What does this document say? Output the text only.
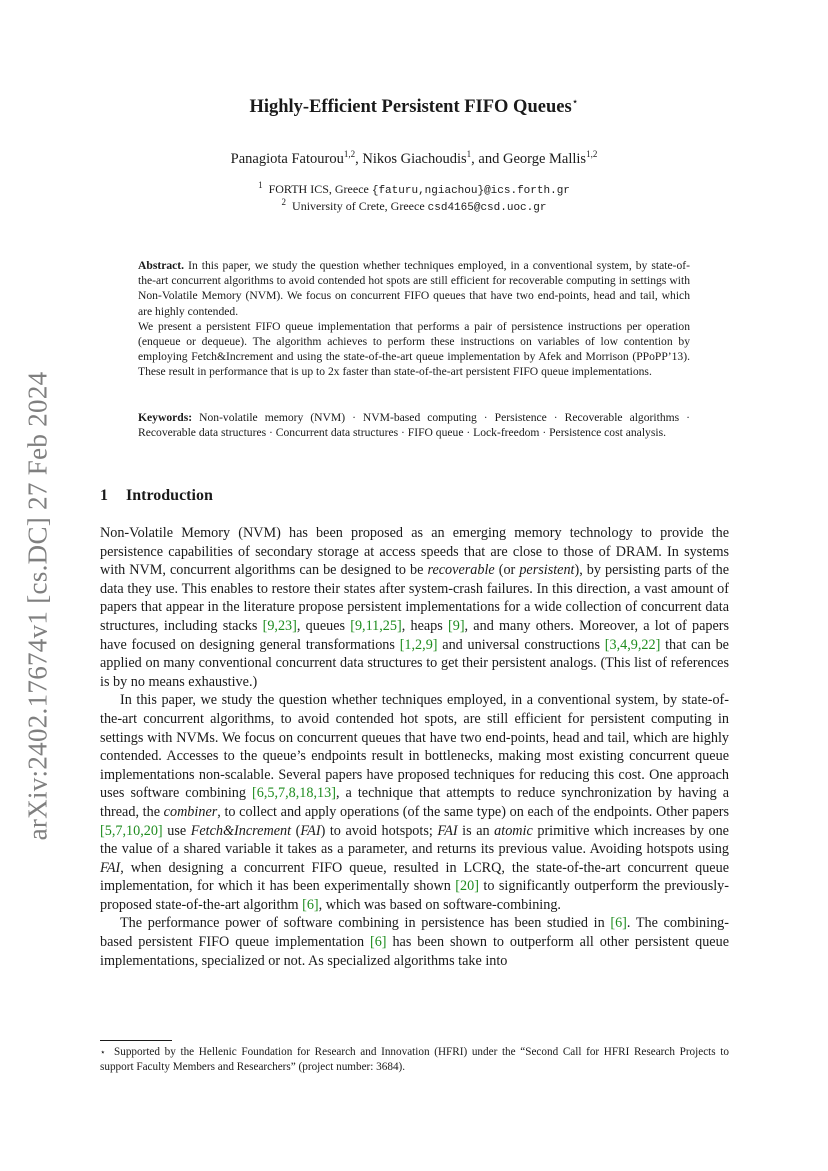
arXiv:2402.17674v1 [cs.DC] 27 Feb 2024
Highly-Efficient Persistent FIFO Queues⋆
Panagiota Fatourou$^{1,2}$, Nikos Giachoudis$^1$, and George Mallis$^{1,2}$
$^1$ FORTH ICS, Greece {faturu,ngiachou}@ics.forth.gr
$^2$ University of Crete, Greece csd4165@csd.uoc.gr

Abstract. In this paper, we study the question whether techniques employed, in a conventional system, by state-of-the-art concurrent algorithms to avoid contended hot spots are still efficient for recoverable computing in settings with Non-Volatile Memory (NVM). We focus on concurrent FIFO queues that have two end-points, head and tail, which are highly contended.

We present a persistent FIFO queue implementation that performs a pair of persistence instructions per operation (enqueue or dequeue). The algorithm achieves to perform these instructions on variables of low contention by employing Fetch&Increment and using the state-of-the-art queue implementation by Afek and Morrison (PPoPP’13). These result in performance that is up to 2x faster than state-of-the-art persistent FIFO queue implementations.

Keywords: Non-volatile memory (NVM) · NVM-based computing · Persistence · Recoverable algorithms · Recoverable data structures · Concurrent data structures · FIFO queue · Lock-freedom · Persistence cost analysis.

1 Introduction

Non-Volatile Memory (NVM) has been proposed as an emerging memory technology to provide the persistence capabilities of secondary storage at access speeds that are close to those of DRAM. In systems with NVM, concurrent algorithms can be designed to be recoverable (or persistent), by persisting parts of the data they use. This enables to restore their states after system-crash failures. In this direction, a vast amount of papers that appear in the literature propose persistent implementations for a wide collection of concurrent data structures, including stacks [9,23], queues [9,11,25], heaps [9], and many others. Moreover, a lot of papers have focused on designing general transformations [1,2,9] and universal constructions [3,4,9,22] that can be applied on many conventional concurrent data structures to get their persistent analogs. (This list of references is by no means exhaustive.)

In this paper, we study the question whether techniques employed, in a conventional system, by state-of-the-art concurrent algorithms, to avoid contended hot spots, are still efficient for persistent computing in settings with NVMs. We focus on concurrent queues that have two end-points, head and tail, which are highly contended. Accesses to the queue’s endpoints result in bottlenecks, making most existing concurrent queue implementations non-scalable. Several papers have proposed techniques for reducing this cost. One approach uses software combining [6,5,7,8,18,13], a technique that attempts to reduce synchronization by having a thread, the combiner, to collect and apply operations (of the same type) on each of the endpoints. Other papers [5,7,10,20] use Fetch&Increment (FAI) to avoid hotspots; FAI is an atomic primitive which increases by one the value of a shared variable it takes as a parameter, and returns its previous value. Avoiding hotspots using FAI, when designing a concurrent FIFO queue, resulted in LCRQ, the state-of-the-art concurrent queue implementation, for which it has been experimentally shown [20] to significantly outperform the previously-proposed state-of-the-art algorithm [6], which was based on software-combining.

The performance power of software combining in persistence has been studied in [6]. The combining-based persistent FIFO queue implementation [6] has been shown to outperform all other persistent queue implementations, specialized or not. As specialized algorithms take into

⋆ Supported by the Hellenic Foundation for Research and Innovation (HFRI) under the “Second Call for HFRI Research Projects to support Faculty Members and Researchers” (project number: 3684).
